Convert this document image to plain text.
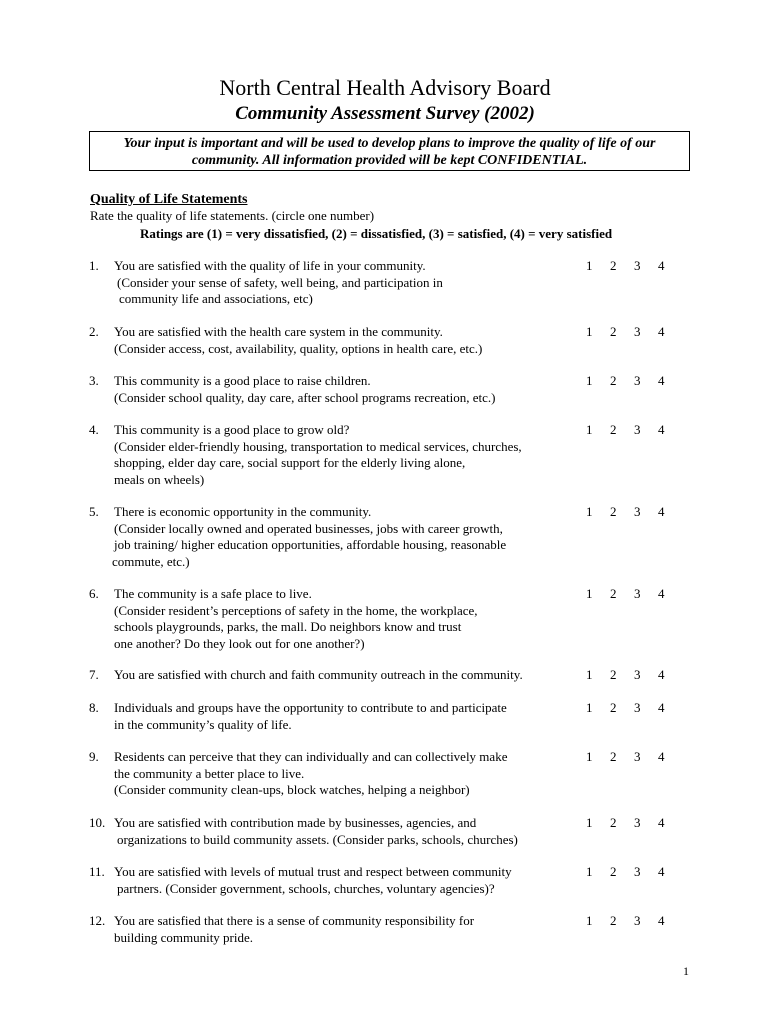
North Central Health Advisory Board
Community Assessment Survey (2002)
Your input is important and will be used to develop plans to improve the quality of life of our
community. All information provided will be kept CONFIDENTIAL.
Quality of Life Statements
Rate the quality of life statements. (circle one number)
Ratings are (1) = very dissatisfied, (2) = dissatisfied, (3) = satisfied, (4) = very satisfied
1.	You are satisfied with the quality of life in your community.
(Consider your sense of safety, well being, and participation in
community life and associations, etc)
1 2 3 4
2.	You are satisfied with the health care system in the community.
(Consider access, cost, availability, quality, options in health care, etc.)
1 2 3 4
3.	This community is a good place to raise children.
(Consider school quality, day care, after school programs recreation, etc.)
1 2 3 4
4.	This community is a good place to grow old?
(Consider elder-friendly housing, transportation to medical services, churches,
shopping, elder day care, social support for the elderly living alone,
meals on wheels)
1 2 3 4
5.	There is economic opportunity in the community.
(Consider locally owned and operated businesses, jobs with career growth,
job training/ higher education opportunities, affordable housing, reasonable
commute, etc.)
1 2 3 4
6.	The community is a safe place to live.
(Consider resident’s perceptions of safety in the home, the workplace,
schools playgrounds, parks, the mall. Do neighbors know and trust
one another? Do they look out for one another?)
1 2 3 4
7.	You are satisfied with church and faith community outreach in the community.	1 2 3 4
8.	Individuals and groups have the opportunity to contribute to and participate
in the community’s quality of life.
1 2 3 4
9.	Residents can perceive that they can individually and can collectively make
the community a better place to live.
(Consider community clean-ups, block watches, helping a neighbor)
1 2 3 4
10. You are satisfied with contribution made by businesses, agencies, and
organizations to build community assets. (Consider parks, schools, churches)
1 2 3 4
11. You are satisfied with levels of mutual trust and respect between community
partners. (Consider government, schools, churches, voluntary agencies)?
1 2 3 4
12. You are satisfied that there is a sense of community responsibility for
building community pride.
1 2 3 4
1
